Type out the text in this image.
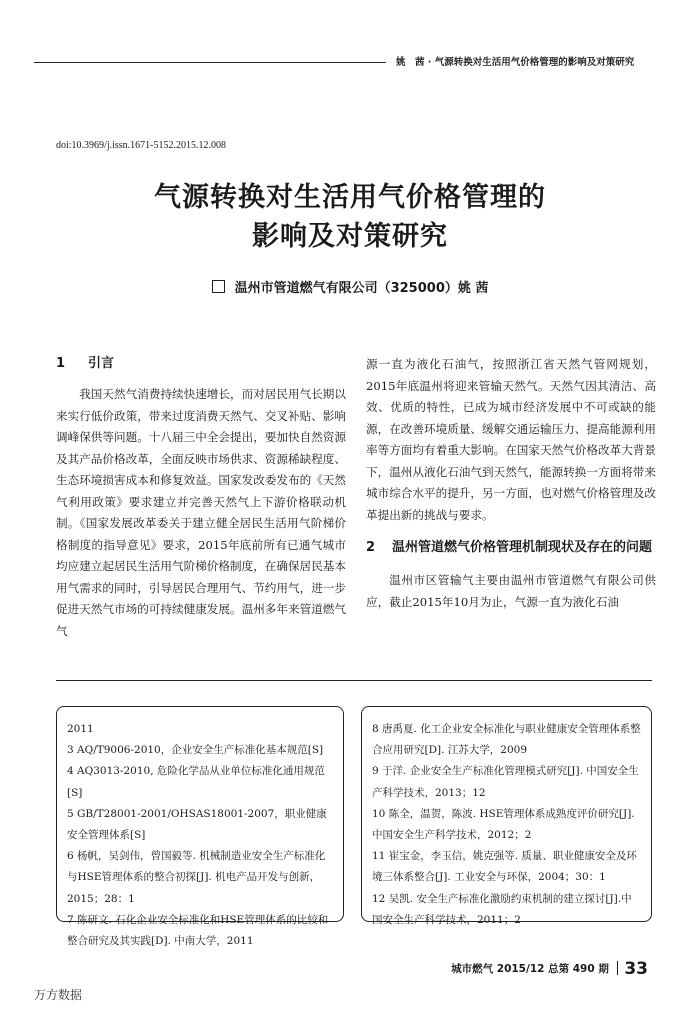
姚　茜 · 气源转换对生活用气价格管理的影响及对策研究
doi:10.3969/j.issn.1671-5152.2015.12.008
气源转换对生活用气价格管理的
影响及对策研究
温州市管道燃气有限公司（325000）姚 茜
1 引言

我国天然气消费持续快速增长，而对居民用气长期以来实行低价政策，带来过度消费天然气、交叉补贴、影响调峰保供等问题。十八届三中全会提出，要加快自然资源及其产品价格改革，全面反映市场供求、资源稀缺程度、生态环境损害成本和修复效益。国家发改委发布的《天然气利用政策》要求建立并完善天然气上下游价格联动机制。《国家发展改革委关于建立健全居民生活用气阶梯价格制度的指导意见》要求，2015年底前所有已通气城市均应建立起居民生活用气阶梯价格制度，在确保居民基本用气需求的同时，引导居民合理用气、节约用气，进一步促进天然气市场的可持续健康发展。温州多年来管道燃气气

源一直为液化石油气，按照浙江省天然气管网规划，2015年底温州将迎来管输天然气。天然气因其清洁、高效、优质的特性，已成为城市经济发展中不可或缺的能源，在改善环境质量、缓解交通运输压力、提高能源利用率等方面均有着重大影响。在国家天然气价格改革大背景下，温州从液化石油气到天然气，能源转换一方面将带来城市综合水平的提升，另一方面，也对燃气价格管理及改革提出新的挑战与要求。

2	温州管道燃气价格管理机制现状及存在的问题

温州市区管输气主要由温州市管道燃气有限公司供应，截止2015年10月为止，气源一直为液化石油

2011
3 AQ/T9006-2010，企业安全生产标准化基本规范[S]
4 AQ3013-2010, 危险化学品从业单位标准化通用规范[S]
5 GB/T28001-2001/OHSAS18001-2007，职业健康安全管理体系[S]
6 杨帆，吴剑伟，曾国毅等. 机械制造业安全生产标准化与HSE管理体系的整合初探[J]. 机电产品开发与创新，2015；28：1
7 陈研文. 石化企业安全标准化和HSE管理体系的比较和整合研究及其实践[D]. 中南大学，2011
8 唐禹夏. 化工企业安全标准化与职业健康安全管理体系整合应用研究[D]. 江苏大学，2009
9 于洋. 企业安全生产标准化管理模式研究[J]. 中国安全生产科学技术，2013；12
10 陈全，温贺，陈波. HSE管理体系成熟度评价研究[J]. 中国安全生产科学技术，2012；2
11 崔宝金，李玉信，姚克强等. 质量、职业健康安全及环境三体系整合[J]. 工业安全与环保，2004；30：1
12 吴凯. 安全生产标准化激励约束机制的建立探讨[J].中国安全生产科学技术，2011；2
城市燃气 2015/12 总第 490 期 33
万方数据
